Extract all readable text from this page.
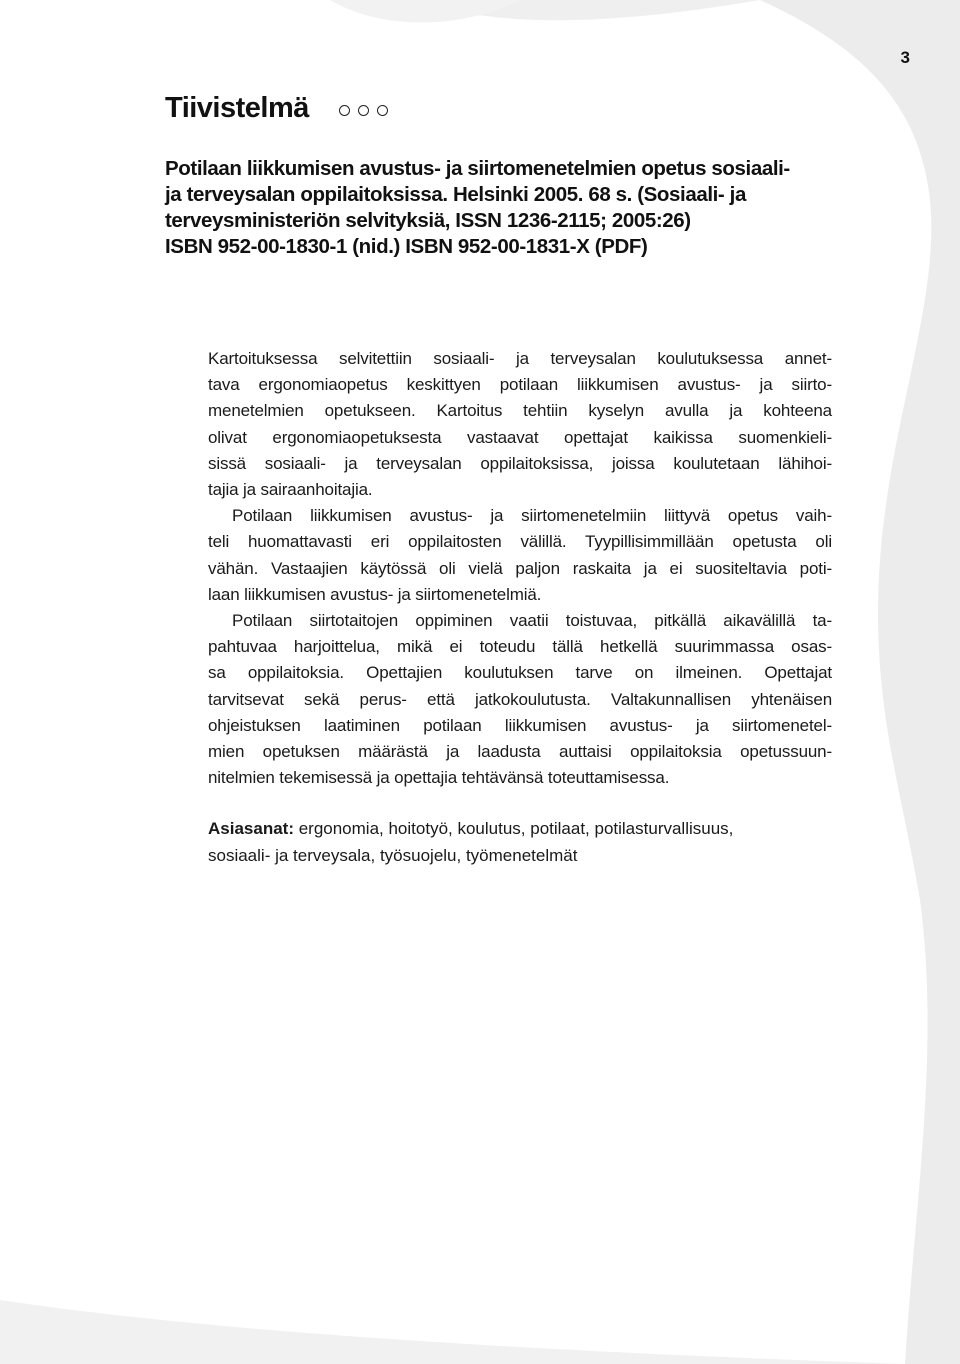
3
Tiivistelmä
Potilaan liikkumisen avustus- ja siirtomenetelmien opetus sosiaali-
ja terveysalan oppilaitoksissa. Helsinki 2005. 68 s. (Sosiaali- ja
terveysministeriön selvityksiä, ISSN 1236-2115; 2005:26)
ISBN 952-00-1830-1 (nid.) ISBN 952-00-1831-X (PDF)
Kartoituksessa selvitettiin sosiaali- ja terveysalan koulutuksessa annet-
tava ergonomiaopetus keskittyen potilaan liikkumisen avustus- ja siirto-
menetelmien opetukseen. Kartoitus tehtiin kyselyn avulla ja kohteena
olivat ergonomiaopetuksesta vastaavat opettajat kaikissa suomenkieli-
sissä sosiaali- ja terveysalan oppilaitoksissa, joissa koulutetaan lähihoi-
tajia ja sairaanhoitajia.
Potilaan liikkumisen avustus- ja siirtomenetelmiin liittyvä opetus vaih-
teli huomattavasti eri oppilaitosten välillä. Tyypillisimmillään opetusta oli
vähän. Vastaajien käytössä oli vielä paljon raskaita ja ei suositeltavia poti-
laan liikkumisen avustus- ja siirtomenetelmiä.
Potilaan siirtotaitojen oppiminen vaatii toistuvaa, pitkällä aikavälillä ta-
pahtuvaa harjoittelua, mikä ei toteudu tällä hetkellä suurimmassa osas-
sa oppilaitoksia. Opettajien koulutuksen tarve on ilmeinen. Opettajat
tarvitsevat sekä perus- että jatkokoulutusta. Valtakunnallisen yhtenäisen
ohjeistuksen laatiminen potilaan liikkumisen avustus- ja siirtomenetel-
mien opetuksen määrästä ja laadusta auttaisi oppilaitoksia opetussuun-
nitelmien tekemisessä ja opettajia tehtävänsä toteuttamisessa.
Asiasanat: ergonomia, hoitotyö, koulutus, potilaat, potilasturvallisuus,
sosiaali- ja terveysala, työsuojelu, työmenetelmät
